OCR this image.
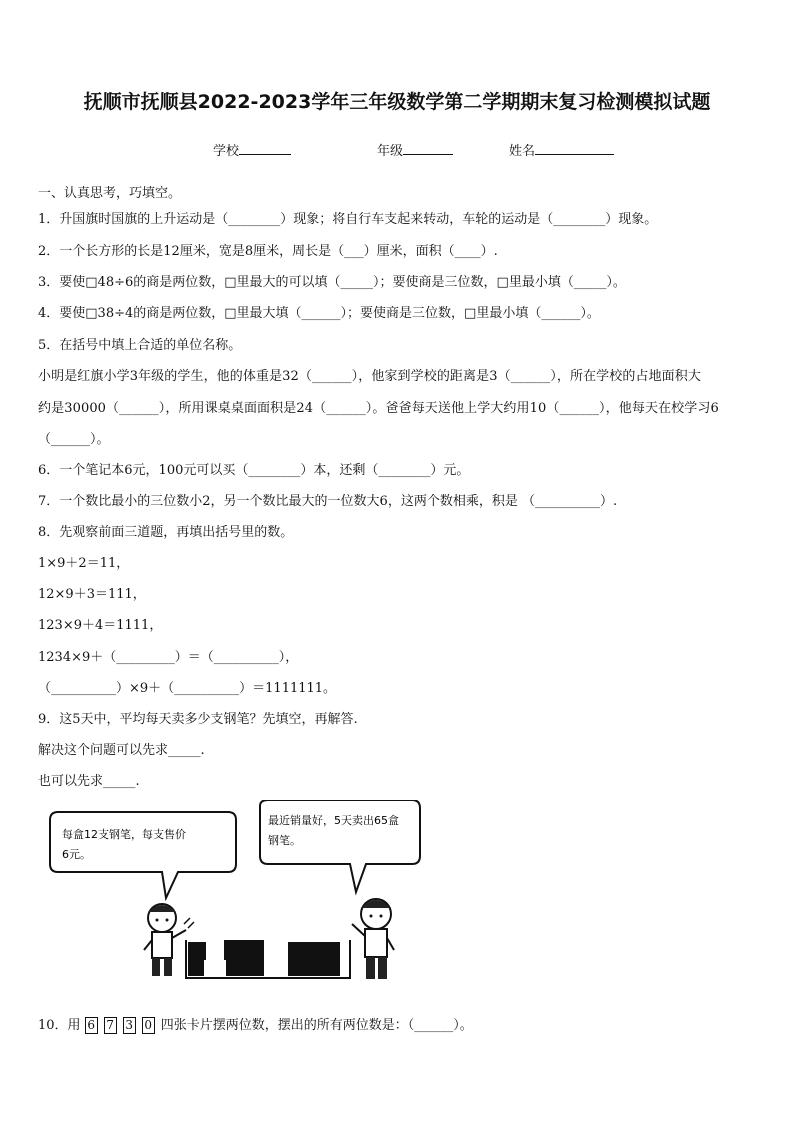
抚顺市抚顺县2022-2023学年三年级数学第二学期期末复习检测模拟试题
学校	年级	姓名
一、认真思考，巧填空。
1．升国旗时国旗的上升运动是（________）现象；将自行车支起来转动，车轮的运动是（________）现象。
2．一个长方形的长是12厘米，宽是8厘米，周长是（___）厘米，面积（____）.
3．要使□48÷6的商是两位数，□里最大的可以填（_____）；要使商是三位数，□里最小填（_____）。
4．要使□38÷4的商是两位数，□里最大填（______）；要使商是三位数，□里最小填（______）。
5．在括号中填上合适的单位名称。
小明是红旗小学3年级的学生，他的体重是32（______），他家到学校的距离是3（______），所在学校的占地面积大
约是30000（______），所用课桌桌面面积是24（______）。爸爸每天送他上学大约用10（______），他每天在校学习6
（______）。
6．一个笔记本6元，100元可以买（________）本，还剩（________）元。
7．一个数比最小的三位数小2，另一个数比最大的一位数大6，这两个数相乘，积是 （__________）.
8．先观察前面三道题，再填出括号里的数。
1×9＋2＝11，
12×9＋3＝111，
123×9＋4＝1111，
1234×9＋（_________）＝（__________），
（__________）×9＋（__________）＝1111111。
9．这5天中，平均每天卖多少支钢笔？先填空，再解答.
解决这个问题可以先求_____.
也可以先求_____.
每盒12支钢笔，每支售价
6元。
最近销量好，5天卖出65盒
钢笔。
10．用 6 7 3 0 四张卡片摆两位数，摆出的所有两位数是：（______）。
